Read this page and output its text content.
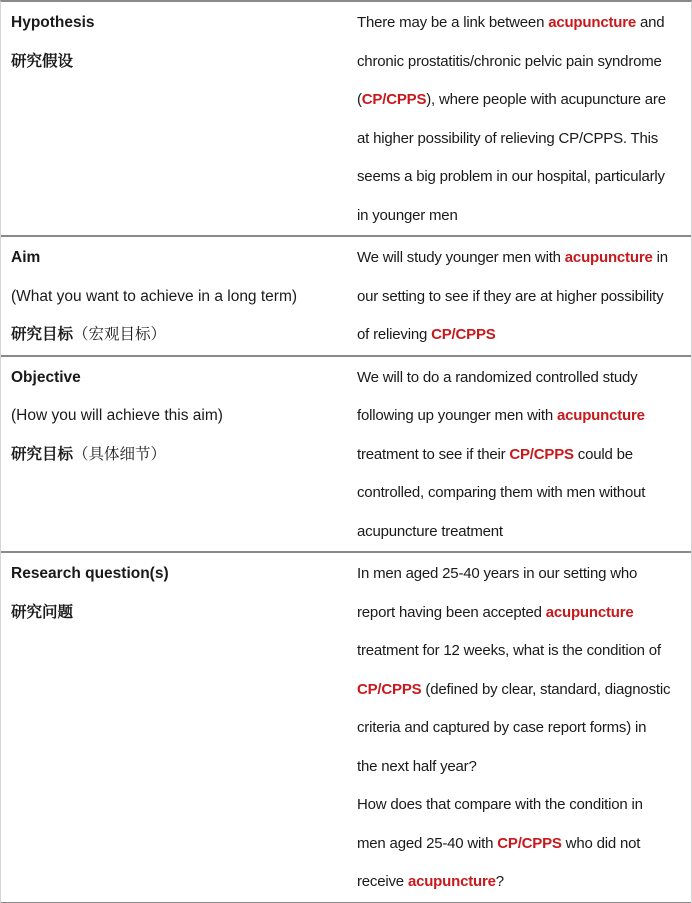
Hypothesis
研究假设
There may be a link between acupuncture and
chronic prostatitis/chronic pelvic pain syndrome
(CP/CPPS), where people with acupuncture are
at higher possibility of relieving CP/CPPS. This
seems a big problem in our hospital, particularly
in younger men
Aim
(What you want to achieve in a long term)
研究目标（宏观目标）
We will study younger men with acupuncture in
our setting to see if they are at higher possibility
of relieving CP/CPPS
Objective
(How you will achieve this aim)
研究目标（具体细节）
We will to do a randomized controlled study
following up younger men with acupuncture
treatment to see if their CP/CPPS could be
controlled, comparing them with men without
acupuncture treatment
Research question(s)
研究问题
In men aged 25-40 years in our setting who
report having been accepted acupuncture
treatment for 12 weeks, what is the condition of
CP/CPPS (defined by clear, standard, diagnostic
criteria and captured by case report forms) in
the next half year?
How does that compare with the condition in
men aged 25-40 with CP/CPPS who did not
receive acupuncture?
